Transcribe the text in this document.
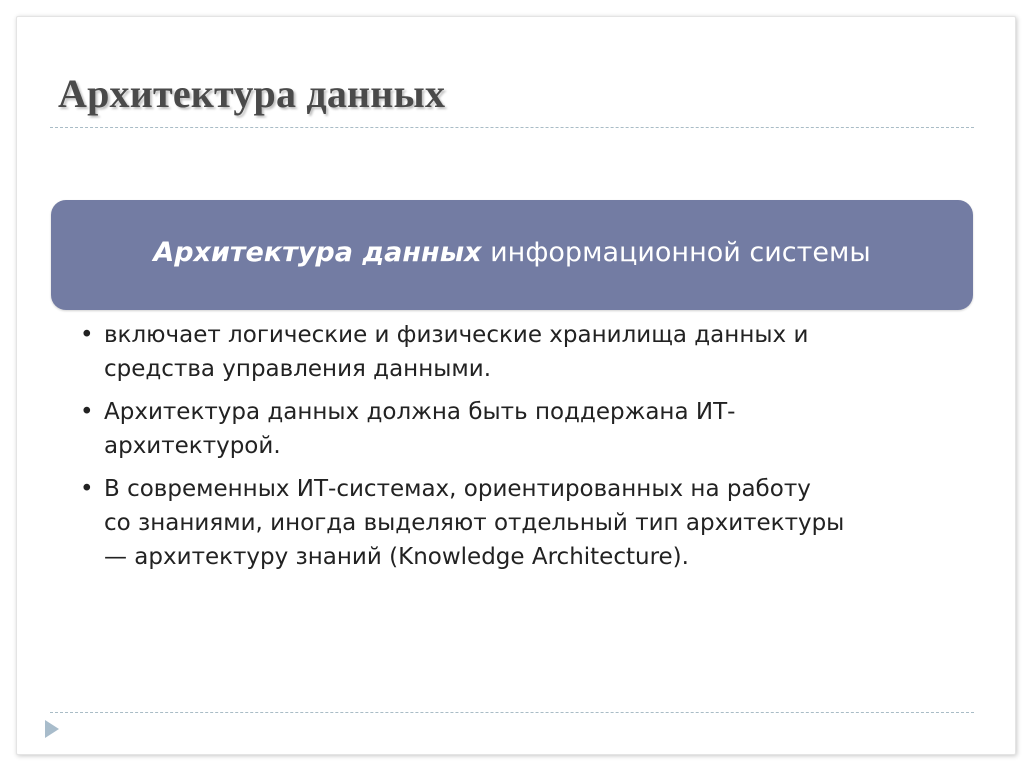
Архитектура данных
Архитектура данных информационной системы
• включает логические и физические хранилища данных и
средства управления данными.
• Архитектура данных должна быть поддержана ИТ-
архитектурой.
• В современных ИТ-системах, ориентированных на работу
со знаниями, иногда выделяют отдельный тип архитектуры
— архитектуру знаний (Knowledge Architecture).
